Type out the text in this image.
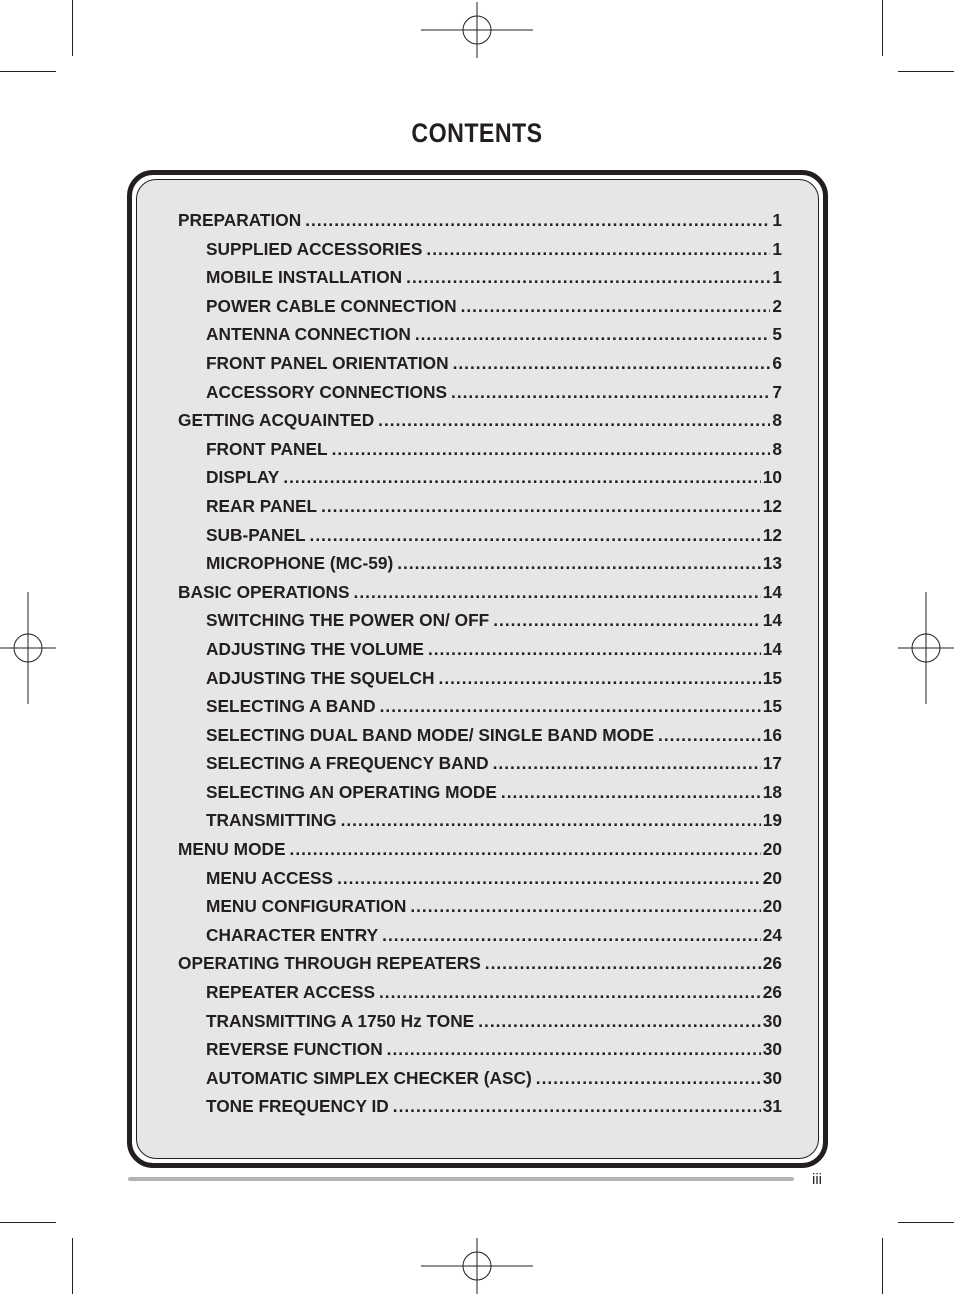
CONTENTS
PREPARATION .....	1
SUPPLIED ACCESSORIES .....	1
MOBILE INSTALLATION .....	1
POWER CABLE CONNECTION .....	2
ANTENNA CONNECTION .....	5
FRONT PANEL ORIENTATION .....	6
ACCESSORY CONNECTIONS .....	7
GETTING ACQUAINTED .....	8
FRONT PANEL .....	8
DISPLAY .....	10
REAR PANEL .....	12
SUB-PANEL .....	12
MICROPHONE (MC-59) .....	13
BASIC OPERATIONS .....	14
SWITCHING THE POWER ON/ OFF .....	14
ADJUSTING THE VOLUME .....	14
ADJUSTING THE SQUELCH .....	15
SELECTING A BAND .....	15
SELECTING DUAL BAND MODE/ SINGLE BAND MODE .....	16
SELECTING A FREQUENCY BAND .....	17
SELECTING AN OPERATING MODE .....	18
TRANSMITTING .....	19
MENU MODE .....	20
MENU ACCESS .....	20
MENU CONFIGURATION .....	20
CHARACTER ENTRY .....	24
OPERATING THROUGH REPEATERS .....	26
REPEATER ACCESS .....	26
TRANSMITTING A 1750 Hz TONE .....	30
REVERSE FUNCTION .....	30
AUTOMATIC SIMPLEX CHECKER (ASC) .....	30
TONE FREQUENCY ID .....	31
iii
